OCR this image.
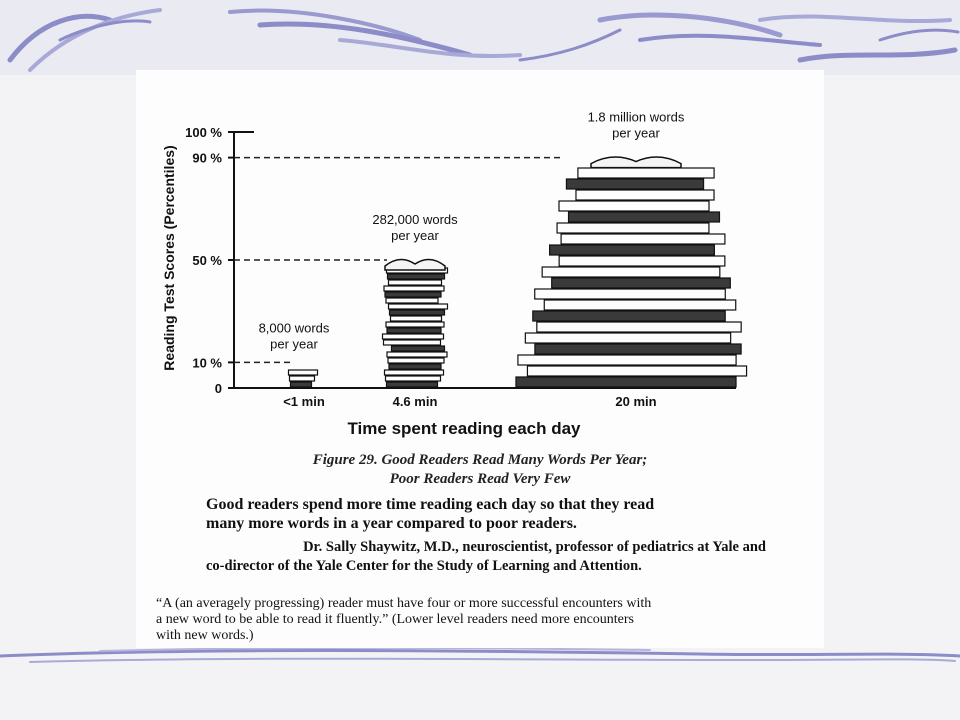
Reading Test Scores (Percentiles)
0
10 %
50 %
90 %
100 %
8,000 words
per year
282,000 words
per year
1.8 million words
per year
<1 min	4.6 min	20 min
Time spent reading each day
Figure 29. Good Readers Read Many Words Per Year;
Poor Readers Read Very Few
Good readers spend more time reading each day so that they read
many more words in a year compared to poor readers.
Dr. Sally Shaywitz, M.D., neuroscientist, professor of pediatrics at Yale and
co-director of the Yale Center for the Study of Learning and Attention.
“A (an averagely progressing) reader must have four or more successful encounters with
a new word to be able to read it fluently.” (Lower level readers need more encounters
with new words.)
